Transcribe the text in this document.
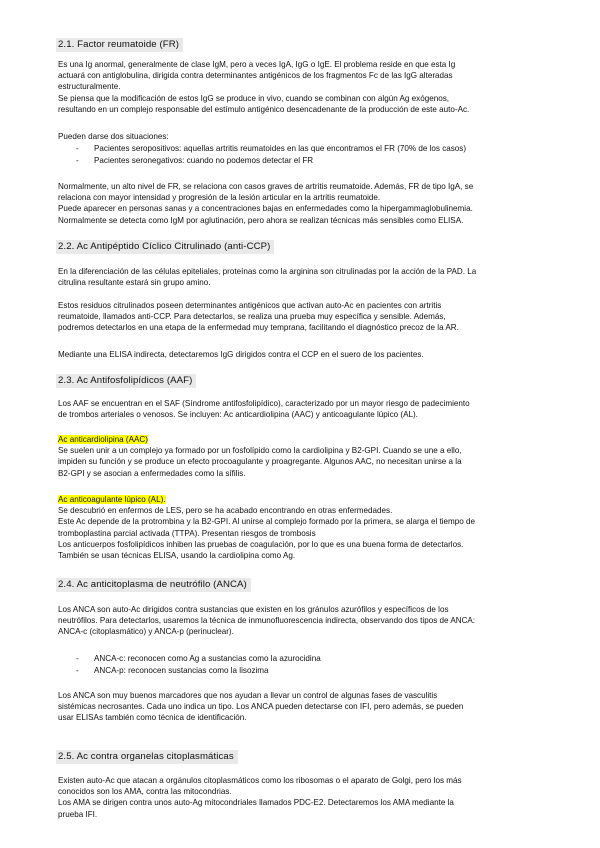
2.1. Factor reumatoide (FR)
Es una Ig anormal, generalmente de clase IgM, pero a veces IgA, IgG o IgE. El problema reside en que esta Ig
actuará con antiglobulina, dirigida contra determinantes antigénicos de los fragmentos Fc de las IgG alteradas
estructuralmente.
Se piensa que la modificación de estos IgG se produce in vivo, cuando se combinan con algún Ag exógenos,
resultando en un complejo responsable del estímulo antigénico desencadenante de la producción de este auto-Ac.
Pueden darse dos situaciones:
- Pacientes seropositivos: aquellas artritis reumatoides en las que encontramos el FR (70% de los casos)
- Pacientes seronegativos: cuando no podemos detectar el FR
Normalmente, un alto nivel de FR, se relaciona con casos graves de artritis reumatoide. Además, FR de tipo IgA, se
relaciona con mayor intensidad y progresión de la lesión articular en la artritis reumatoide.
Puede aparecer en personas sanas y a concentraciones bajas en enfermedades como la hipergammaglobulinemia.
Normalmente se detecta como IgM por aglutinación, pero ahora se realizan técnicas más sensibles como ELISA.
2.2. Ac Antipéptido Cíclico Citrulinado (anti-CCP)
En la diferenciación de las células epiteliales, proteínas como la arginina son citrulinadas por la acción de la PAD. La
citrulina resultante estará sin grupo amino.
Estos residuos citrulinados poseen determinantes antigénicos que activan auto-Ac en pacientes con artritis
reumatoide, llamados anti-CCP. Para detectarlos, se realiza una prueba muy específica y sensible. Además,
podremos detectarlos en una etapa de la enfermedad muy temprana, facilitando el diagnóstico precoz de la AR.
Mediante una ELISA indirecta, detectaremos IgG dirigidos contra el CCP en el suero de los pacientes.
2.3. Ac Antifosfolipídicos (AAF)
Los AAF se encuentran en el SAF (Síndrome antifosfolipídico), caracterizado por un mayor riesgo de padecimiento
de trombos arteriales o venosos. Se incluyen: Ac anticardiolipina (AAC) y anticoagulante lúpico (AL).
Ac anticardiolipina (AAC)
Se suelen unir a un complejo ya formado por un fosfolípido como la cardiolipina y B2-GPI. Cuando se une a ello,
impiden su función y se produce un efecto procoagulante y proagregante. Algunos AAC, no necesitan unirse a la
B2-GPI y se asocian a enfermedades como la sífilis.
Ac anticoagulante lúpico (AL).
Se descubrió en enfermos de LES, pero se ha acabado encontrando en otras enfermedades.
Este Ac depende de la protrombina y la B2-GPI. Al unirse al complejo formado por la primera, se alarga el tiempo de
tromboplastina parcial activada (TTPA). Presentan riesgos de trombosis
Los anticuerpos fosfolipídicos inhiben las pruebas de coagulación, por lo que es una buena forma de detectarlos.
También se usan técnicas ELISA, usando la cardiolipina como Ag.
2.4. Ac anticitoplasma de neutrófilo (ANCA)
Los ANCA son auto-Ac dirigidos contra sustancias que existen en los gránulos azurófilos y específicos de los
neutrófilos. Para detectarlos, usaremos la técnica de inmunofluorescencia indirecta, observando dos tipos de ANCA:
ANCA-c (citoplasmático) y ANCA-p (perinuclear).
- ANCA-c: reconocen como Ag a sustancias como la azurocidina
- ANCA-p: reconocen sustancias como la lisozima
Los ANCA son muy buenos marcadores que nos ayudan a llevar un control de algunas fases de vasculitis
sistémicas necrosantes. Cada uno indica un tipo. Los ANCA pueden detectarse con IFI, pero además, se pueden
usar ELISAs también como técnica de identificación.
2.5. Ac contra organelas citoplasmáticas
Existen auto-Ac que atacan a orgánulos citoplasmáticos como los ribosomas o el aparato de Golgi, pero los más
conocidos son los AMA, contra las mitocondrias.
Los AMA se dirigen contra unos auto-Ag mitocondriales llamados PDC-E2. Detectaremos los AMA mediante la
prueba IFI.
